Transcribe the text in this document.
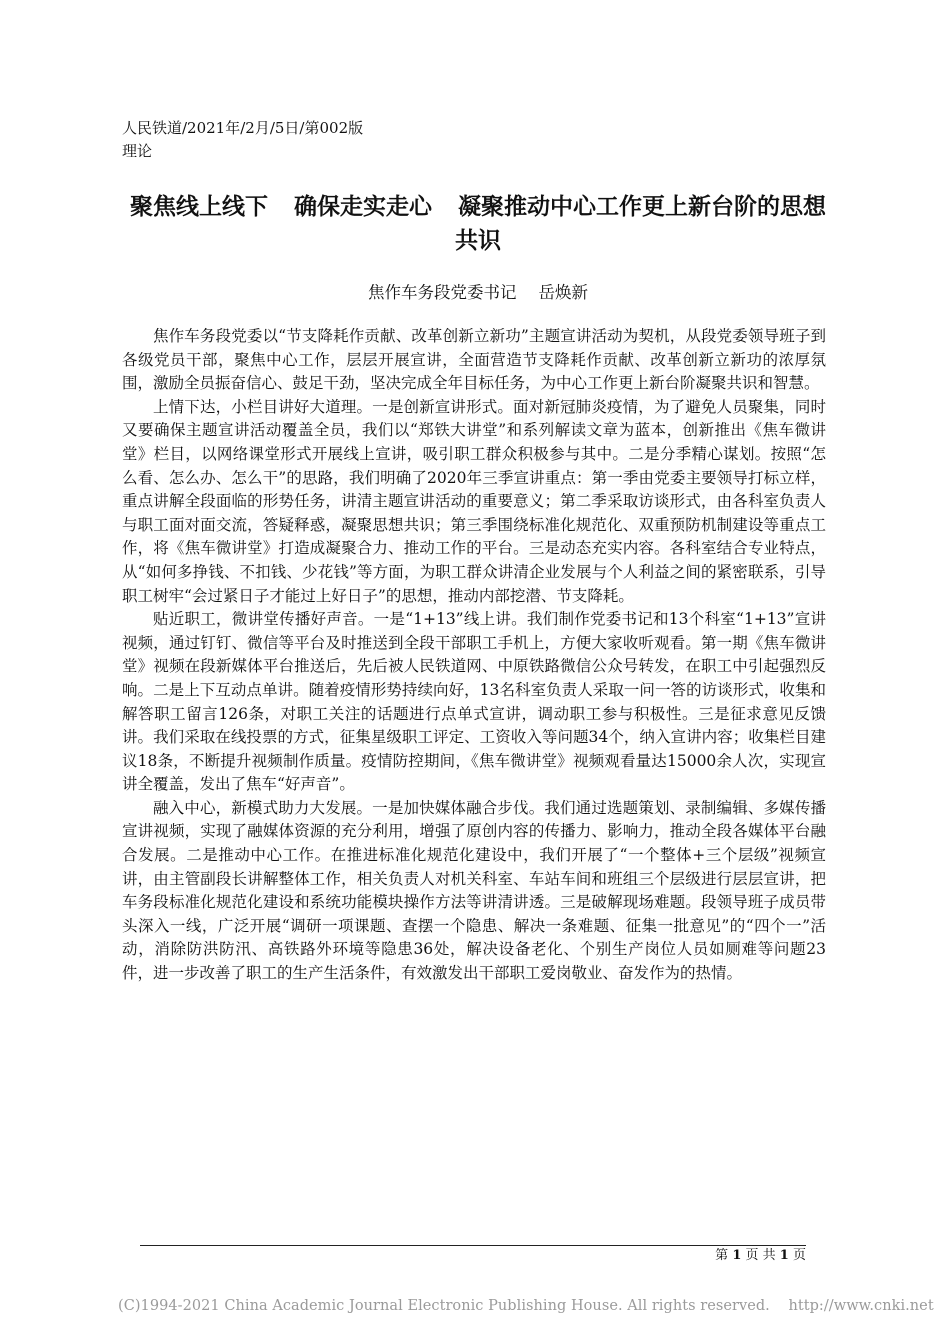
人民铁道/2021年/2月/5日/第002版
理论
聚焦线上线下 确保走实走心 凝聚推动中心工作更上新台阶的思想共识
焦作车务段党委书记 岳焕新

焦作车务段党委以“节支降耗作贡献、改革创新立新功”主题宣讲活动为契机，从段党委领导班子到各级党员干部，聚焦中心工作，层层开展宣讲，全面营造节支降耗作贡献、改革创新立新功的浓厚氛围，激励全员振奋信心、鼓足干劲，坚决完成全年目标任务，为中心工作更上新台阶凝聚共识和智慧。

上情下达，小栏目讲好大道理。一是创新宣讲形式。面对新冠肺炎疫情，为了避免人员聚集，同时又要确保主题宣讲活动覆盖全员，我们以“郑铁大讲堂”和系列解读文章为蓝本，创新推出《焦车微讲堂》栏目，以网络课堂形式开展线上宣讲，吸引职工群众积极参与其中。二是分季精心谋划。按照“怎么看、怎么办、怎么干”的思路，我们明确了2020年三季宣讲重点：第一季由党委主要领导打标立样，重点讲解全段面临的形势任务，讲清主题宣讲活动的重要意义；第二季采取访谈形式，由各科室负责人与职工面对面交流，答疑释惑，凝聚思想共识；第三季围绕标准化规范化、双重预防机制建设等重点工作，将《焦车微讲堂》打造成凝聚合力、推动工作的平台。三是动态充实内容。各科室结合专业特点，从“如何多挣钱、不扣钱、少花钱”等方面，为职工群众讲清企业发展与个人利益之间的紧密联系，引导职工树牢“会过紧日子才能过上好日子”的思想，推动内部挖潜、节支降耗。

贴近职工，微讲堂传播好声音。一是“1+13”线上讲。我们制作党委书记和13个科室“1+13”宣讲视频，通过钉钉、微信等平台及时推送到全段干部职工手机上，方便大家收听观看。第一期《焦车微讲堂》视频在段新媒体平台推送后，先后被人民铁道网、中原铁路微信公众号转发，在职工中引起强烈反响。二是上下互动点单讲。随着疫情形势持续向好，13名科室负责人采取一问一答的访谈形式，收集和解答职工留言126条，对职工关注的话题进行点单式宣讲，调动职工参与积极性。三是征求意见反馈讲。我们采取在线投票的方式，征集星级职工评定、工资收入等问题34个，纳入宣讲内容；收集栏目建议18条，不断提升视频制作质量。疫情防控期间，《焦车微讲堂》视频观看量达15000余人次，实现宣讲全覆盖，发出了焦车“好声音”。

融入中心，新模式助力大发展。一是加快媒体融合步伐。我们通过选题策划、录制编辑、多媒传播宣讲视频，实现了融媒体资源的充分利用，增强了原创内容的传播力、影响力，推动全段各媒体平台融合发展。二是推动中心工作。在推进标准化规范化建设中，我们开展了“一个整体+三个层级”视频宣讲，由主管副段长讲解整体工作，相关负责人对机关科室、车站车间和班组三个层级进行层层宣讲，把车务段标准化规范化建设和系统功能模块操作方法等讲清讲透。三是破解现场难题。段领导班子成员带头深入一线，广泛开展“调研一项课题、查摆一个隐患、解决一条难题、征集一批意见”的“四个一”活动，消除防洪防汛、高铁路外环境等隐患36处，解决设备老化、个别生产岗位人员如厕难等问题23件，进一步改善了职工的生产生活条件，有效激发出干部职工爱岗敬业、奋发作为的热情。

第 1 页 共 1 页
(C)1994-2021 China Academic Journal Electronic Publishing House. All rights reserved.    http://www.cnki.net
